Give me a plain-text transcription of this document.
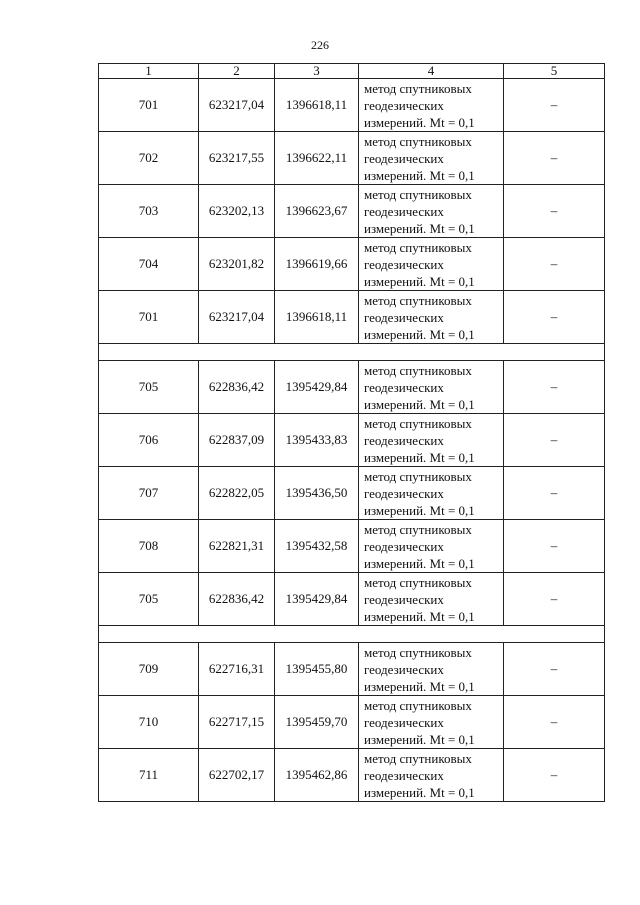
226
1	2	3	4	5
701	623217,04	1396618,11	метод спутниковых
геодезических
измерений. Mt = 0,1	–
702	623217,55	1396622,11	метод спутниковых
геодезических
измерений. Mt = 0,1	–
703	623202,13	1396623,67	метод спутниковых
геодезических
измерений. Mt = 0,1	–
704	623201,82	1396619,66	метод спутниковых
геодезических
измерений. Mt = 0,1	–
701	623217,04	1396618,11	метод спутниковых
геодезических
измерений. Mt = 0,1	–

705	622836,42	1395429,84	метод спутниковых
геодезических
измерений. Mt = 0,1	–
706	622837,09	1395433,83	метод спутниковых
геодезических
измерений. Mt = 0,1	–
707	622822,05	1395436,50	метод спутниковых
геодезических
измерений. Mt = 0,1	–
708	622821,31	1395432,58	метод спутниковых
геодезических
измерений. Mt = 0,1	–
705	622836,42	1395429,84	метод спутниковых
геодезических
измерений. Mt = 0,1	–

709	622716,31	1395455,80	метод спутниковых
геодезических
измерений. Mt = 0,1	–
710	622717,15	1395459,70	метод спутниковых
геодезических
измерений. Mt = 0,1	–
711	622702,17	1395462,86	метод спутниковых
геодезических
измерений. Mt = 0,1	–
